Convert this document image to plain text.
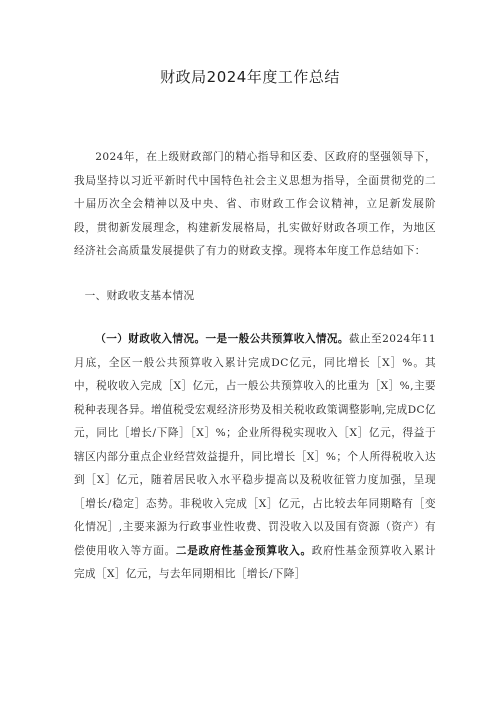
财政局2024年度工作总结

2024年，在上级财政部门的精心指导和区委、区政府的坚强领导下，我局坚持以习近平新时代中国特色社会主义思想为指导，全面贯彻党的二十届历次全会精神以及中央、省、市财政工作会议精神，立足新发展阶段，贯彻新发展理念，构建新发展格局，扎实做好财政各项工作，为地区经济社会高质量发展提供了有力的财政支撑。现将本年度工作总结如下：

一、财政收支基本情况

（一）财政收入情况。一是一般公共预算收入情况。截止至2024年11月底，全区一般公共预算收入累计完成DC亿元，同比增长［X］%。其中，税收收入完成［X］亿元，占一般公共预算收入的比重为［X］%,主要税种表现各异。增值税受宏观经济形势及相关税收政策调整影响,完成DC亿元，同比［增长/下降］［X］%；企业所得税实现收入［X］亿元，得益于辖区内部分重点企业经营效益提升，同比增长［X］%；个人所得税收入达到［X］亿元，随着居民收入水平稳步提高以及税收征管力度加强，呈现［增长/稳定］态势。非税收入完成［X］亿元，占比较去年同期略有［变化情况］,主要来源为行政事业性收费、罚没收入以及国有资源（资产）有偿使用收入等方面。二是政府性基金预算收入。政府性基金预算收入累计完成［X］亿元，与去年同期相比［增长/下降］
